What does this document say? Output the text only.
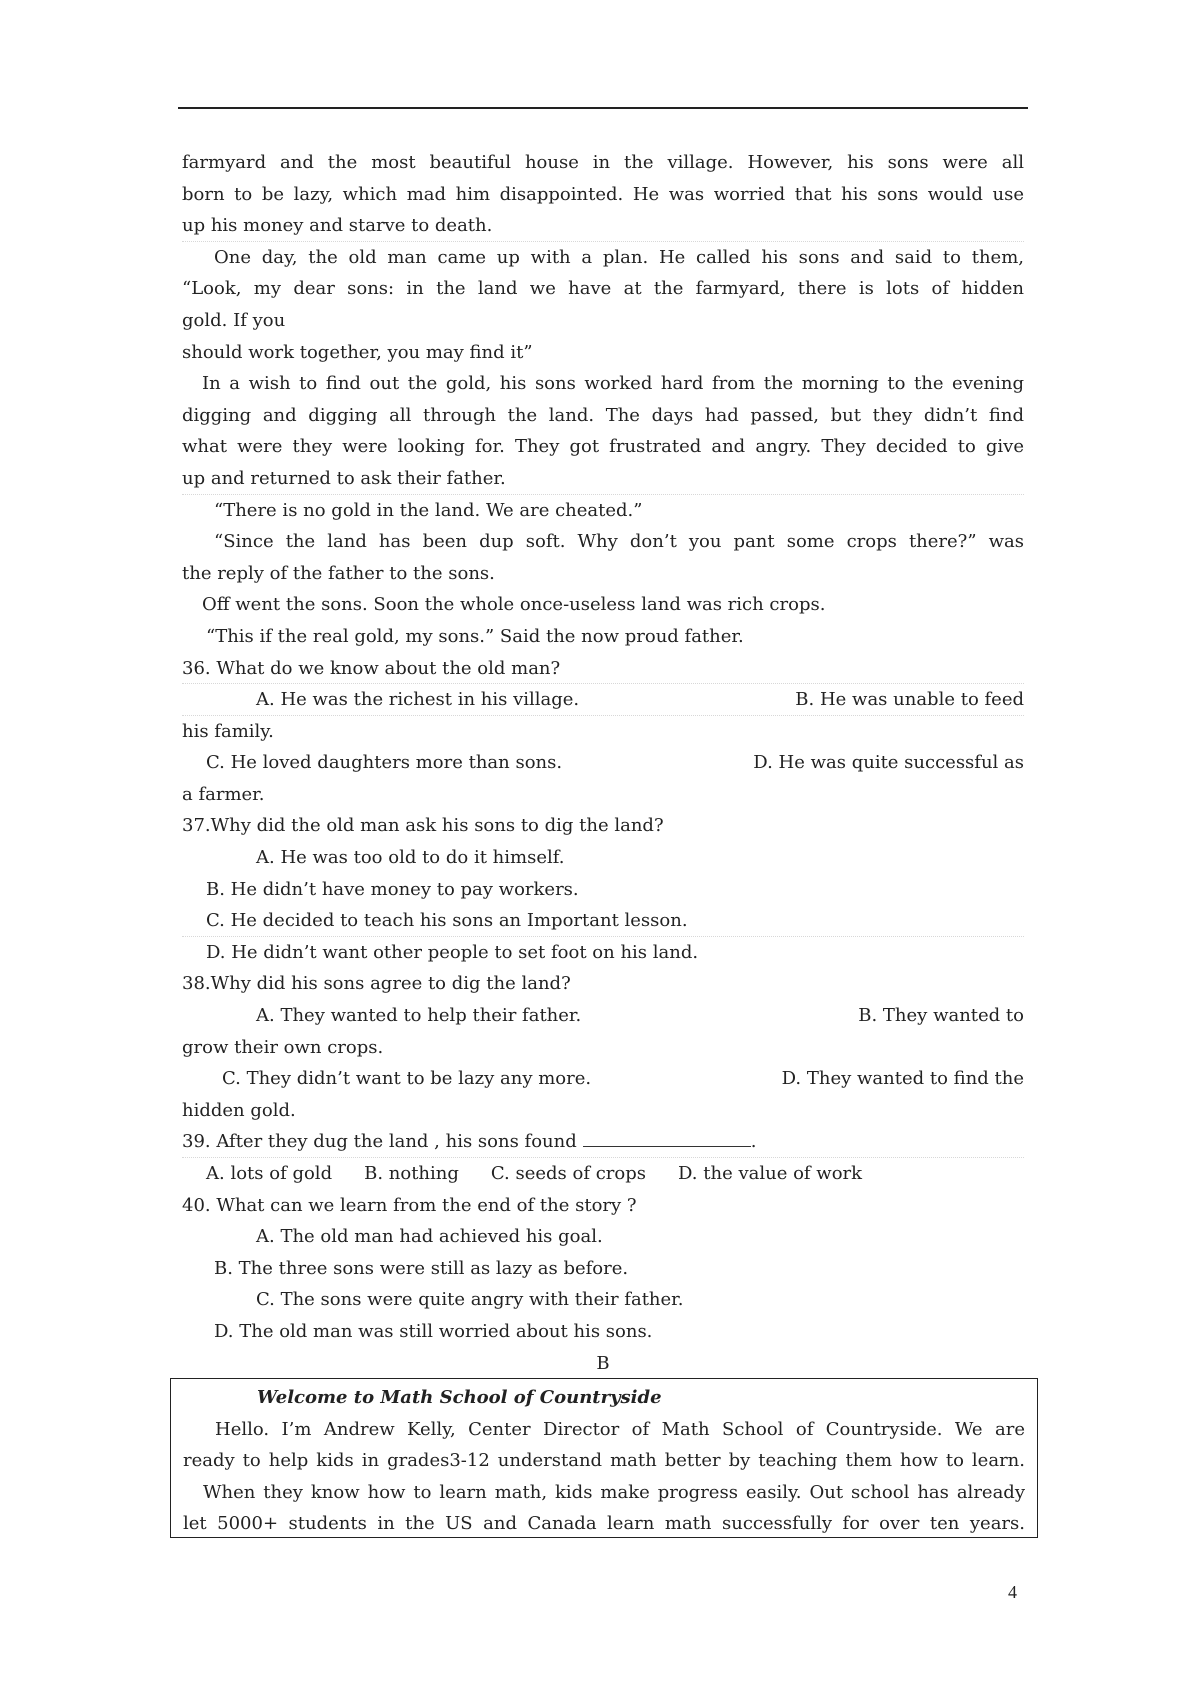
farmyard and the most beautiful house in the village. However, his sons were all
born to be lazy, which mad him disappointed. He was worried that his sons would use
up his money and starve to death.
One day, the old man came up with a plan. He called his sons and said to them,
“Look, my dear sons: in the land we have at the farmyard, there is lots of hidden
gold. If you
should work together, you may find it”
In a wish to find out the gold, his sons worked hard from the morning to the evening
digging and digging all through the land. The days had passed, but they didn’t find
what were they were looking for. They got frustrated and angry. They decided to give
up and returned to ask their father.
“There is no gold in the land. We are cheated.”
“Since the land has been dup soft. Why don’t you pant some crops there?” was
the reply of the father to the sons.
Off went the sons. Soon the whole once-useless land was rich crops.
“This if the real gold, my sons.” Said the now proud father.
36. What do we know about the old man?
A. He was the richest in his village.	B. He was unable to feed
his family.
C. He loved daughters more than sons.	D. He was quite successful as
a farmer.
37.Why did the old man ask his sons to dig the land?
A. He was too old to do it himself.
B. He didn’t have money to pay workers.
C. He decided to teach his sons an Important lesson.
D. He didn’t want other people to set foot on his land.
38.Why did his sons agree to dig the land?
A. They wanted to help their father.	B. They wanted to
grow their own crops.
C. They didn’t want to be lazy any more.	D. They wanted to find the
hidden gold.
39. After they dug the land , his sons found	.
A. lots of gold B. nothing C. seeds of crops D. the value of work
40. What can we learn from the end of the story ?
A. The old man had achieved his goal.
B. The three sons were still as lazy as before.
C. The sons were quite angry with their father.
D. The old man was still worried about his sons.
B
Welcome to Math School of Countryside
Hello. I’m Andrew Kelly, Center Director of Math School of Countryside. We are
ready to help kids in grades3-12 understand math better by teaching them how to learn.
When they know how to learn math, kids make progress easily. Out school has already
let 5000+ students in the US and Canada learn math successfully for over ten years.
4
